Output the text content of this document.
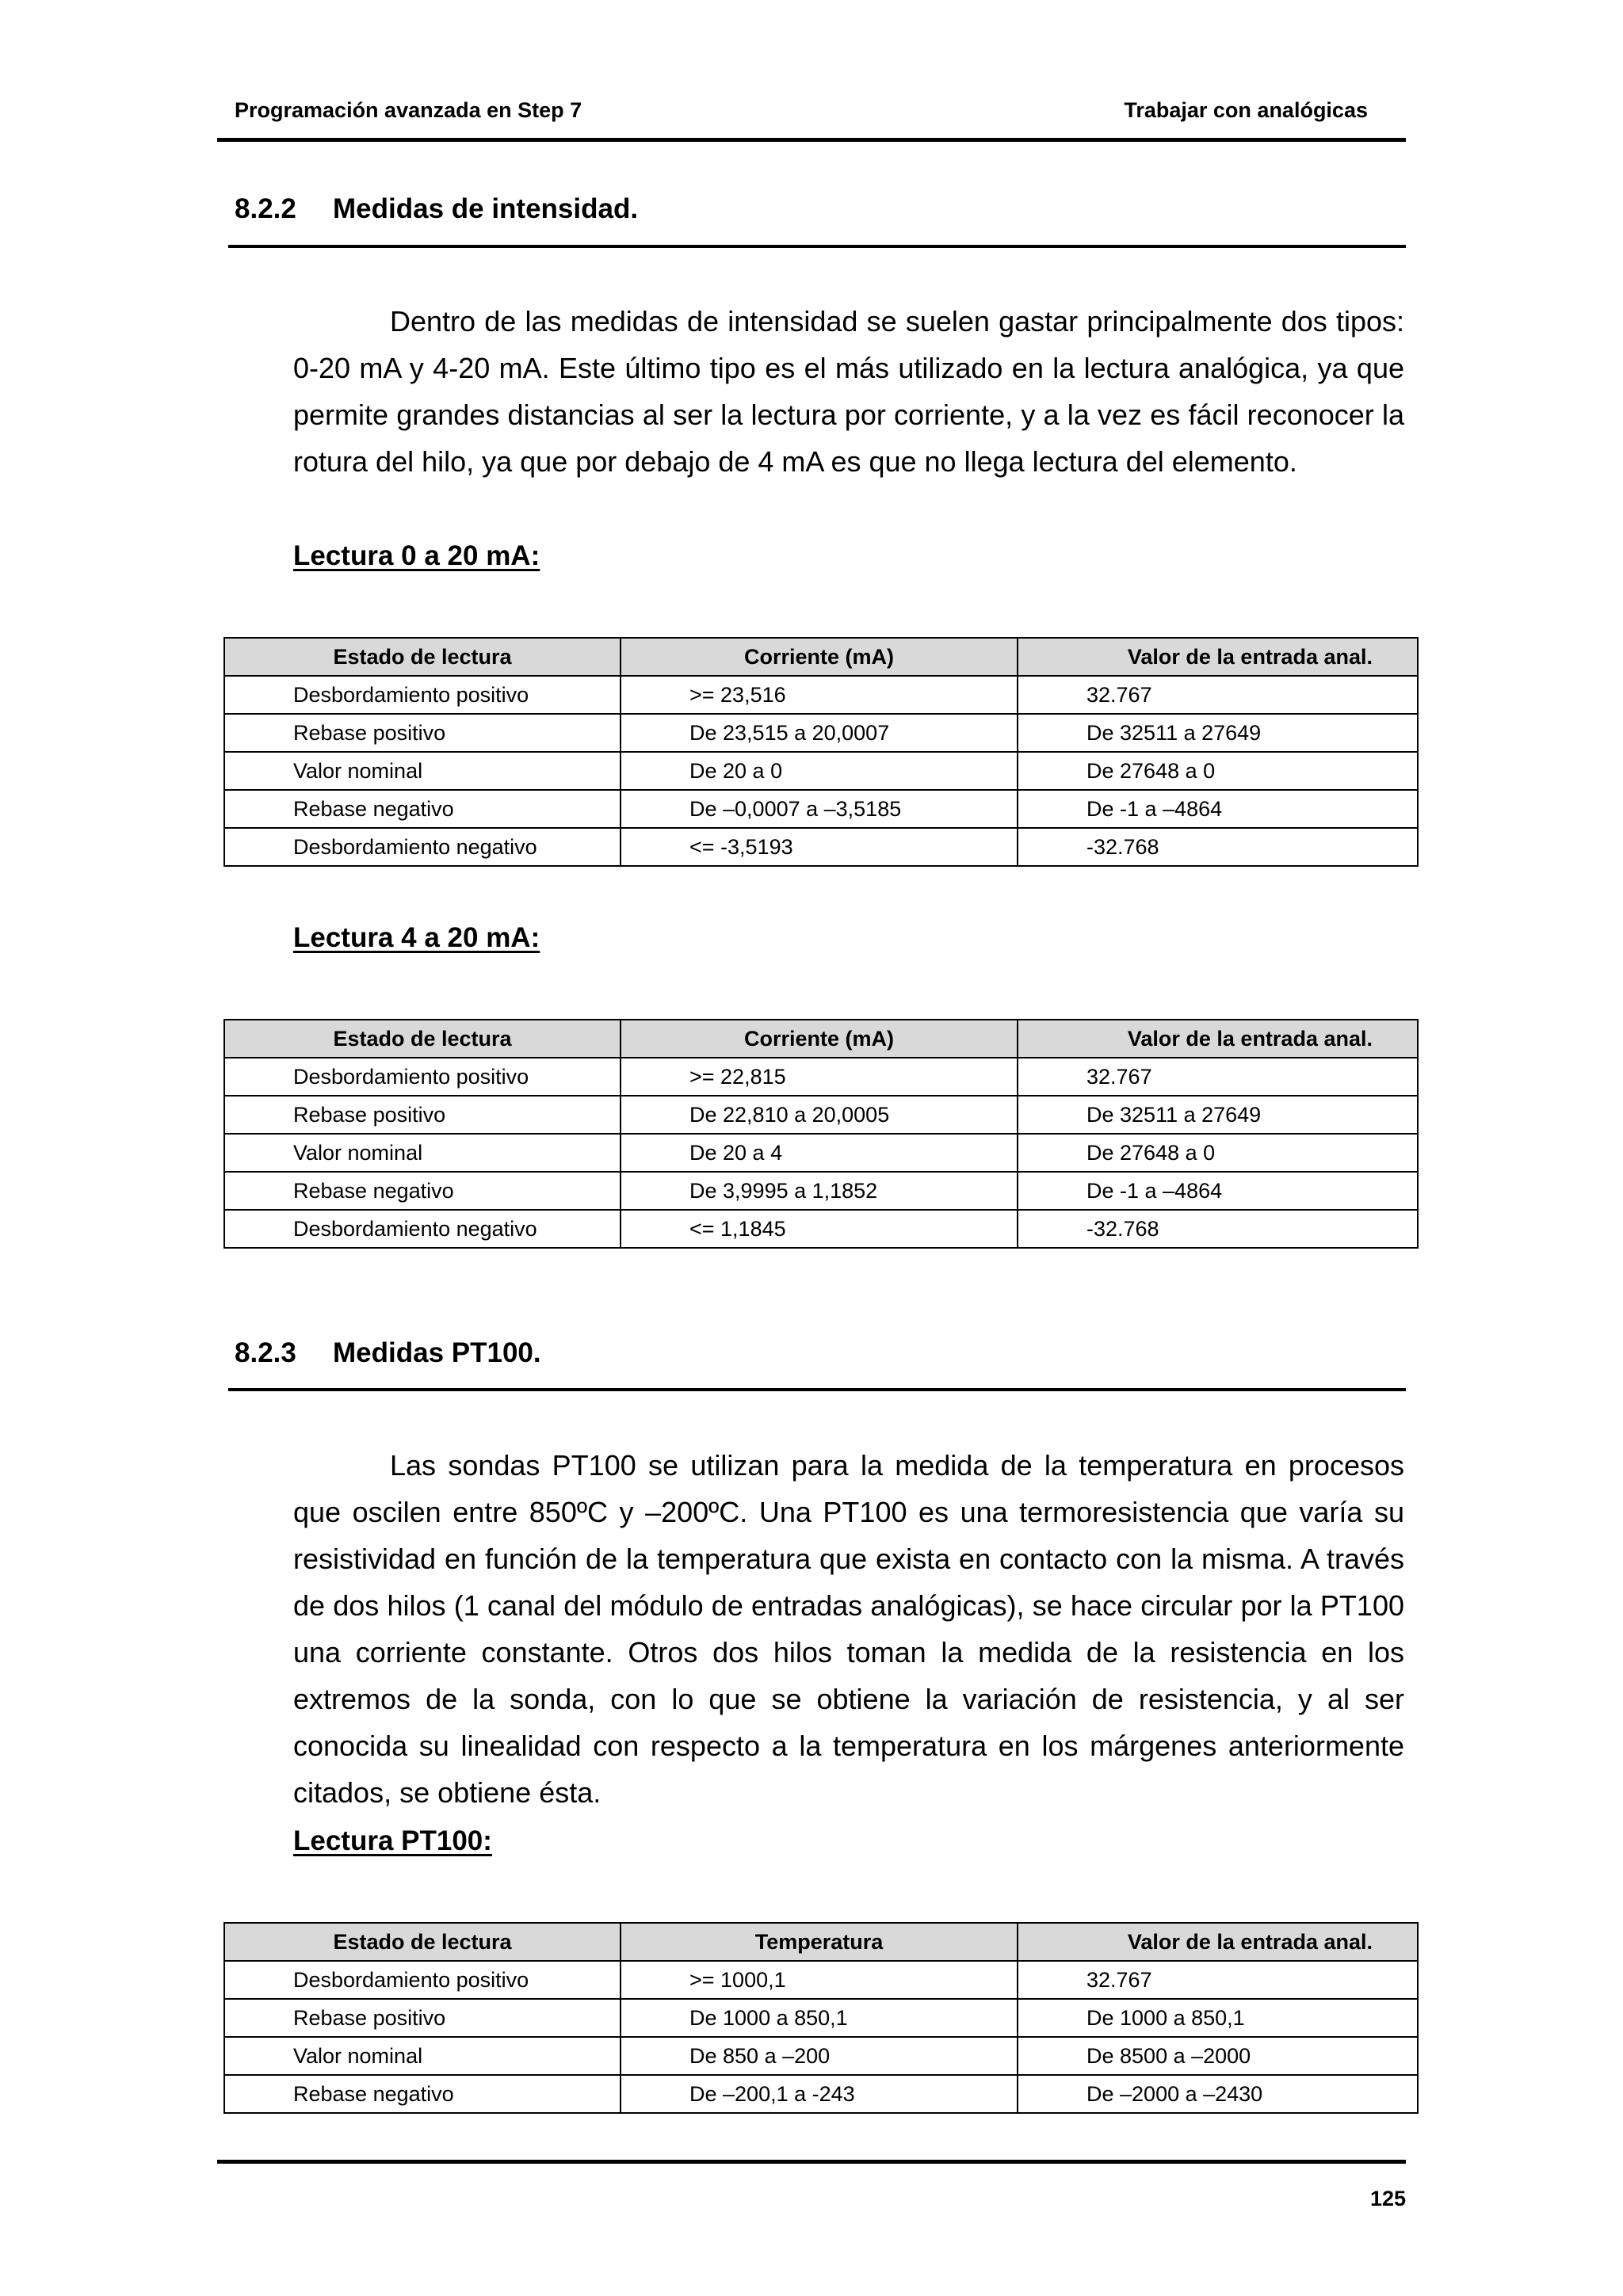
Programación avanzada en Step 7	Trabajar con analógicas
8.2.2 Medidas de intensidad.

Dentro de las medidas de intensidad se suelen gastar principalmente dos tipos: 0-20 mA y 4-20 mA. Este último tipo es el más utilizado en la lectura analógica, ya que permite grandes distancias al ser la lectura por corriente, y a la vez es fácil reconocer la rotura del hilo, ya que por debajo de 4 mA es que no llega lectura del elemento.

Lectura 0 a 20 mA:
Estado de lectura	Corriente (mA)	Valor de la entrada anal.
Desbordamiento positivo	>= 23,516	32.767
Rebase positivo	De 23,515 a 20,0007	De 32511 a 27649
Valor nominal	De 20 a 0	De 27648 a 0
Rebase negativo	De –0,0007 a –3,5185	De -1 a –4864
Desbordamiento negativo	<= -3,5193	-32.768
Lectura 4 a 20 mA:
Estado de lectura	Corriente (mA)	Valor de la entrada anal.
Desbordamiento positivo	>= 22,815	32.767
Rebase positivo	De 22,810 a 20,0005	De 32511 a 27649
Valor nominal	De 20 a 4	De 27648 a 0
Rebase negativo	De 3,9995 a 1,1852	De -1 a –4864
Desbordamiento negativo	<= 1,1845	-32.768
8.2.3 Medidas PT100.

Las sondas PT100 se utilizan para la medida de la temperatura en procesos que oscilen entre 850ºC y –200ºC. Una PT100 es una termoresistencia que varía su resistividad en función de la temperatura que exista en contacto con la misma. A través de dos hilos (1 canal del módulo de entradas analógicas), se hace circular por la PT100 una corriente constante. Otros dos hilos toman la medida de la resistencia en los extremos de la sonda, con lo que se obtiene la variación de resistencia, y al ser conocida su linealidad con respecto a la temperatura en los márgenes anteriormente citados, se obtiene ésta.

Lectura PT100:
Estado de lectura	Temperatura	Valor de la entrada anal.
Desbordamiento positivo	>= 1000,1	32.767
Rebase positivo	De 1000 a 850,1	De 1000 a 850,1
Valor nominal	De 850 a –200	De 8500 a –2000
Rebase negativo	De –200,1 a -243	De –2000 a –2430
125
